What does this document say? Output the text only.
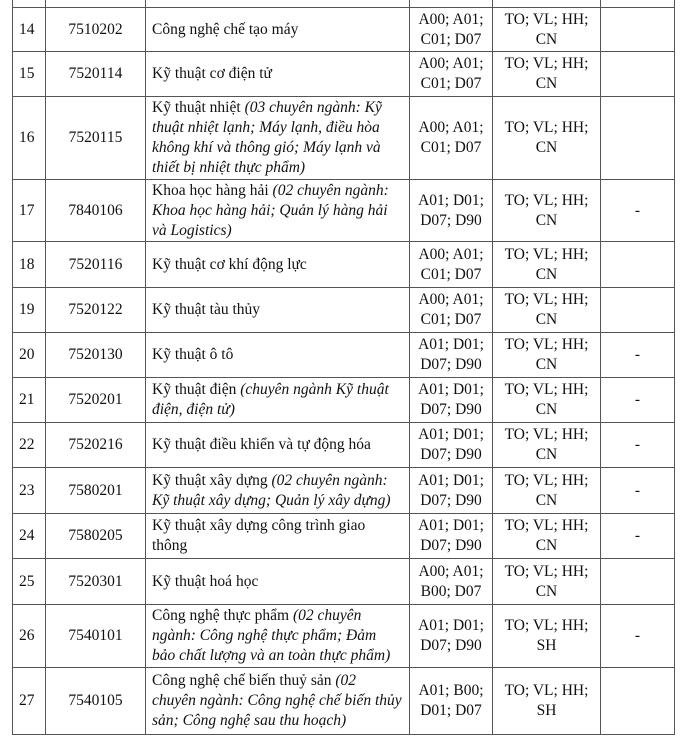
14	7510202	Công nghệ chế tạo máy	A00; A01; C01; D07	TO; VL; HH; CN	
15	7520114	Kỹ thuật cơ điện tử	A00; A01; C01; D07	TO; VL; HH; CN	
16	7520115	Kỹ thuật nhiệt (03 chuyên ngành: Kỹ thuật nhiệt lạnh; Máy lạnh, điều hòa không khí và thông gió; Máy lạnh và thiết bị nhiệt thực phẩm)	A00; A01; C01; D07	TO; VL; HH; CN	
17	7840106	Khoa học hàng hải (02 chuyên ngành: Khoa học hàng hải; Quản lý hàng hải và Logistics)	A01; D01; D07; D90	TO; VL; HH; CN	-
18	7520116	Kỹ thuật cơ khí động lực	A00; A01; C01; D07	TO; VL; HH; CN	
19	7520122	Kỹ thuật tàu thủy	A00; A01; C01; D07	TO; VL; HH; CN	
20	7520130	Kỹ thuật ô tô	A01; D01; D07; D90	TO; VL; HH; CN	-
21	7520201	Kỹ thuật điện (chuyên ngành Kỹ thuật điện, điện tử)	A01; D01; D07; D90	TO; VL; HH; CN	-
22	7520216	Kỹ thuật điều khiển và tự động hóa	A01; D01; D07; D90	TO; VL; HH; CN	-
23	7580201	Kỹ thuật xây dựng (02 chuyên ngành: Kỹ thuật xây dựng; Quản lý xây dựng)	A01; D01; D07; D90	TO; VL; HH; CN	-
24	7580205	Kỹ thuật xây dựng công trình giao thông	A01; D01; D07; D90	TO; VL; HH; CN	-
25	7520301	Kỹ thuật hoá học	A00; A01; B00; D07	TO; VL; HH; CN	
26	7540101	Công nghệ thực phẩm (02 chuyên ngành: Công nghệ thực phẩm; Đảm bảo chất lượng và an toàn thực phẩm)	A01; D01; D07; D90	TO; VL; HH; SH	-
27	7540105	Công nghệ chế biến thuỷ sản (02 chuyên ngành: Công nghệ chế biến thủy sản; Công nghệ sau thu hoạch)	A01; B00; D01; D07	TO; VL; HH; SH	
